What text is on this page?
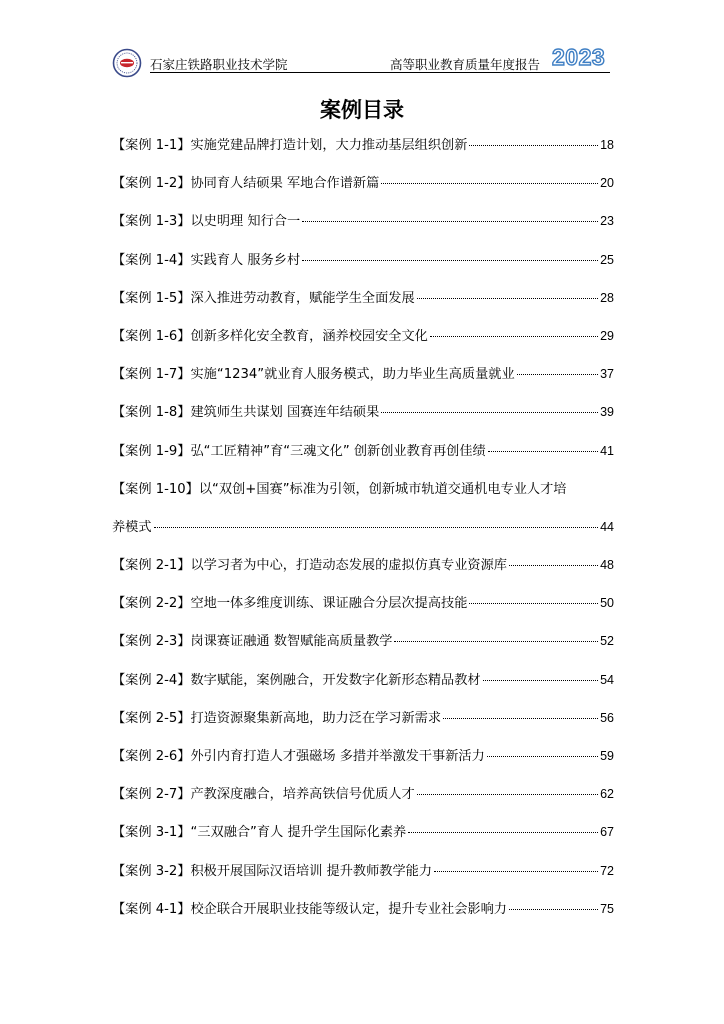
石家庄铁路职业技术学院	高等职业教育质量年度报告 2023
案例目录
【案例 1-1】实施党建品牌打造计划，大力推动基层组织创新	18
【案例 1-2】协同育人结硕果 军地合作谱新篇	20
【案例 1-3】以史明理 知行合一	23
【案例 1-4】实践育人 服务乡村	25
【案例 1-5】深入推进劳动教育，赋能学生全面发展	28
【案例 1-6】创新多样化安全教育，涵养校园安全文化	29
【案例 1-7】实施“1234”就业育人服务模式，助力毕业生高质量就业	37
【案例 1-8】建筑师生共谋划 国赛连年结硕果	39
【案例 1-9】弘“工匠精神”育“三魂文化” 创新创业教育再创佳绩	41
【案例 1-10】以“双创+国赛”标准为引领，创新城市轨道交通机电专业人才培
养模式	44
【案例 2-1】以学习者为中心，打造动态发展的虚拟仿真专业资源库	48
【案例 2-2】空地一体多维度训练、课证融合分层次提高技能	50
【案例 2-3】岗课赛证融通 数智赋能高质量教学	52
【案例 2-4】数字赋能，案例融合，开发数字化新形态精品教材	54
【案例 2-5】打造资源聚集新高地，助力泛在学习新需求	56
【案例 2-6】外引内育打造人才强磁场 多措并举激发干事新活力	59
【案例 2-7】产教深度融合，培养高铁信号优质人才	62
【案例 3-1】“三双融合”育人 提升学生国际化素养	67
【案例 3-2】积极开展国际汉语培训 提升教师教学能力	72
【案例 4-1】校企联合开展职业技能等级认定，提升专业社会影响力	75
